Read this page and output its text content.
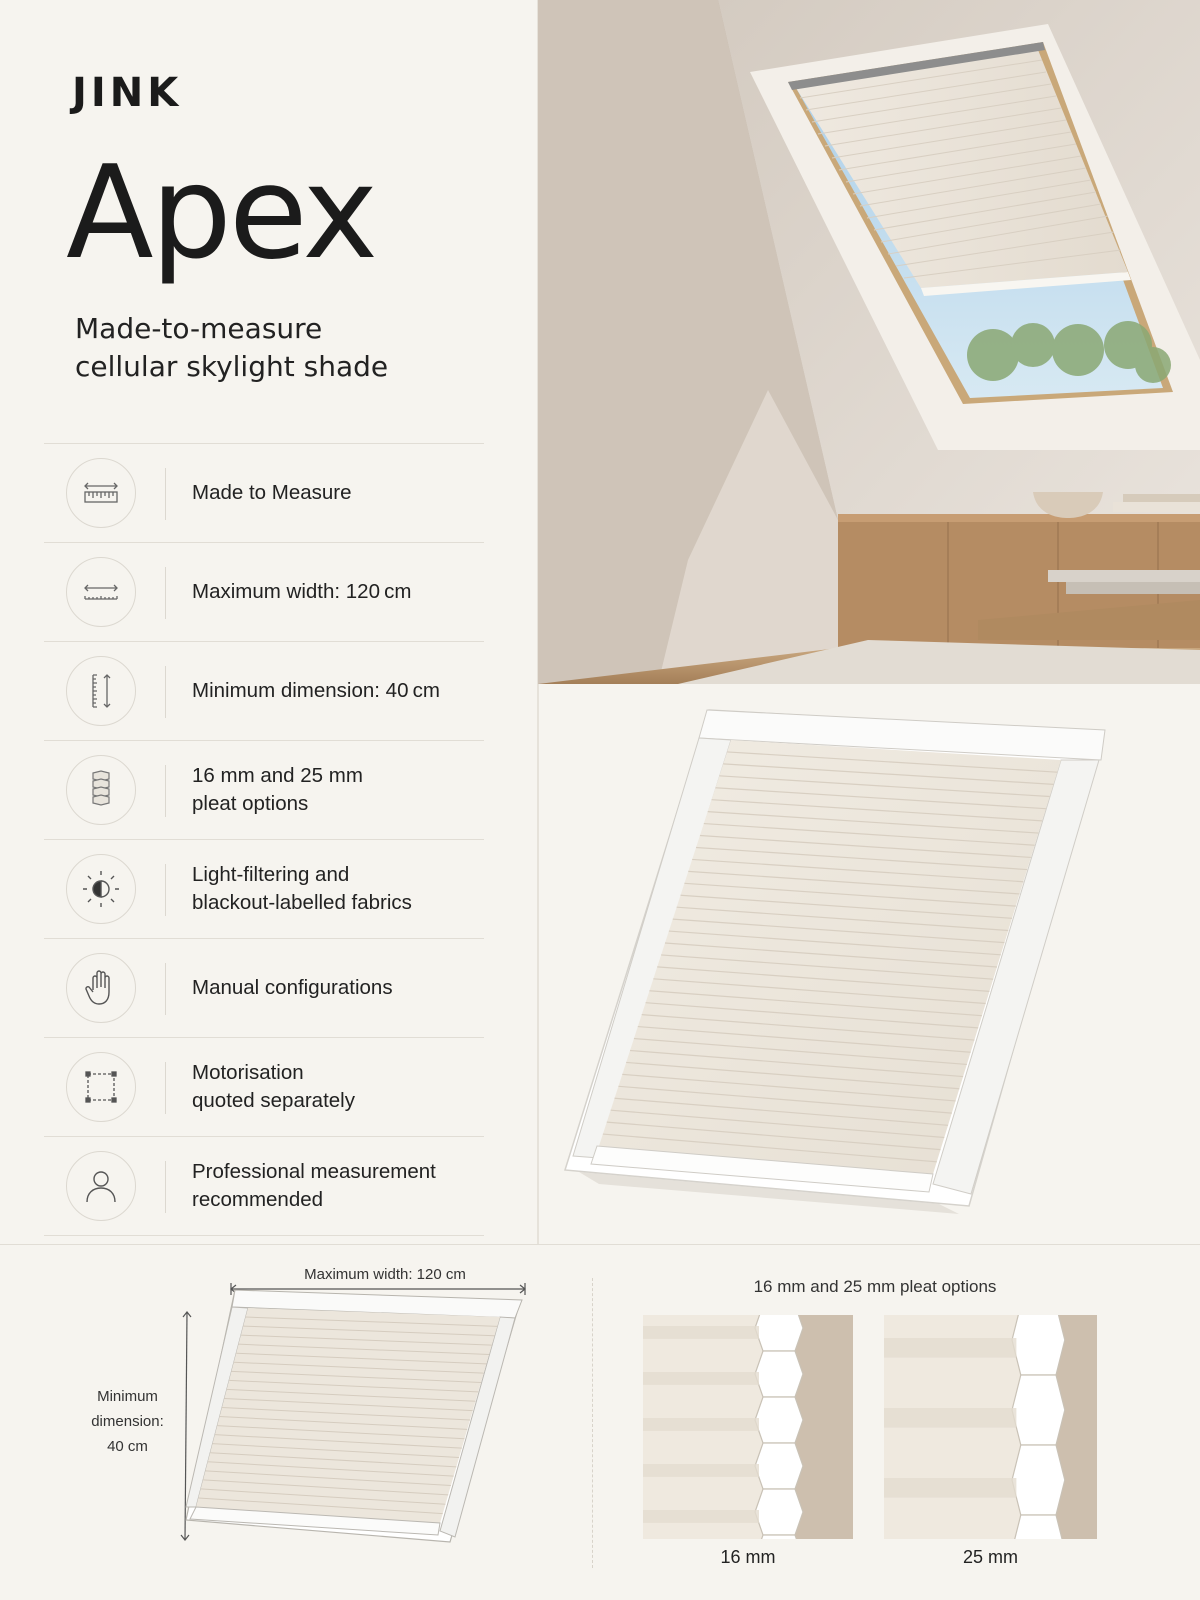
JINK
Apex
Made-to-measure
cellular skylight shade
Made to Measure
Maximum width: 120 cm
Minimum dimension: 40 cm
16 mm and 25 mm
pleat options
Light-filtering and
blackout-labelled fabrics
Manual configurations
Motorisation
quoted separately
Professional measurement
recommended
Maximum width: 120 cm
Minimum
dimension:
40 cm
16 mm and 25 mm pleat options
16 mm	25 mm
